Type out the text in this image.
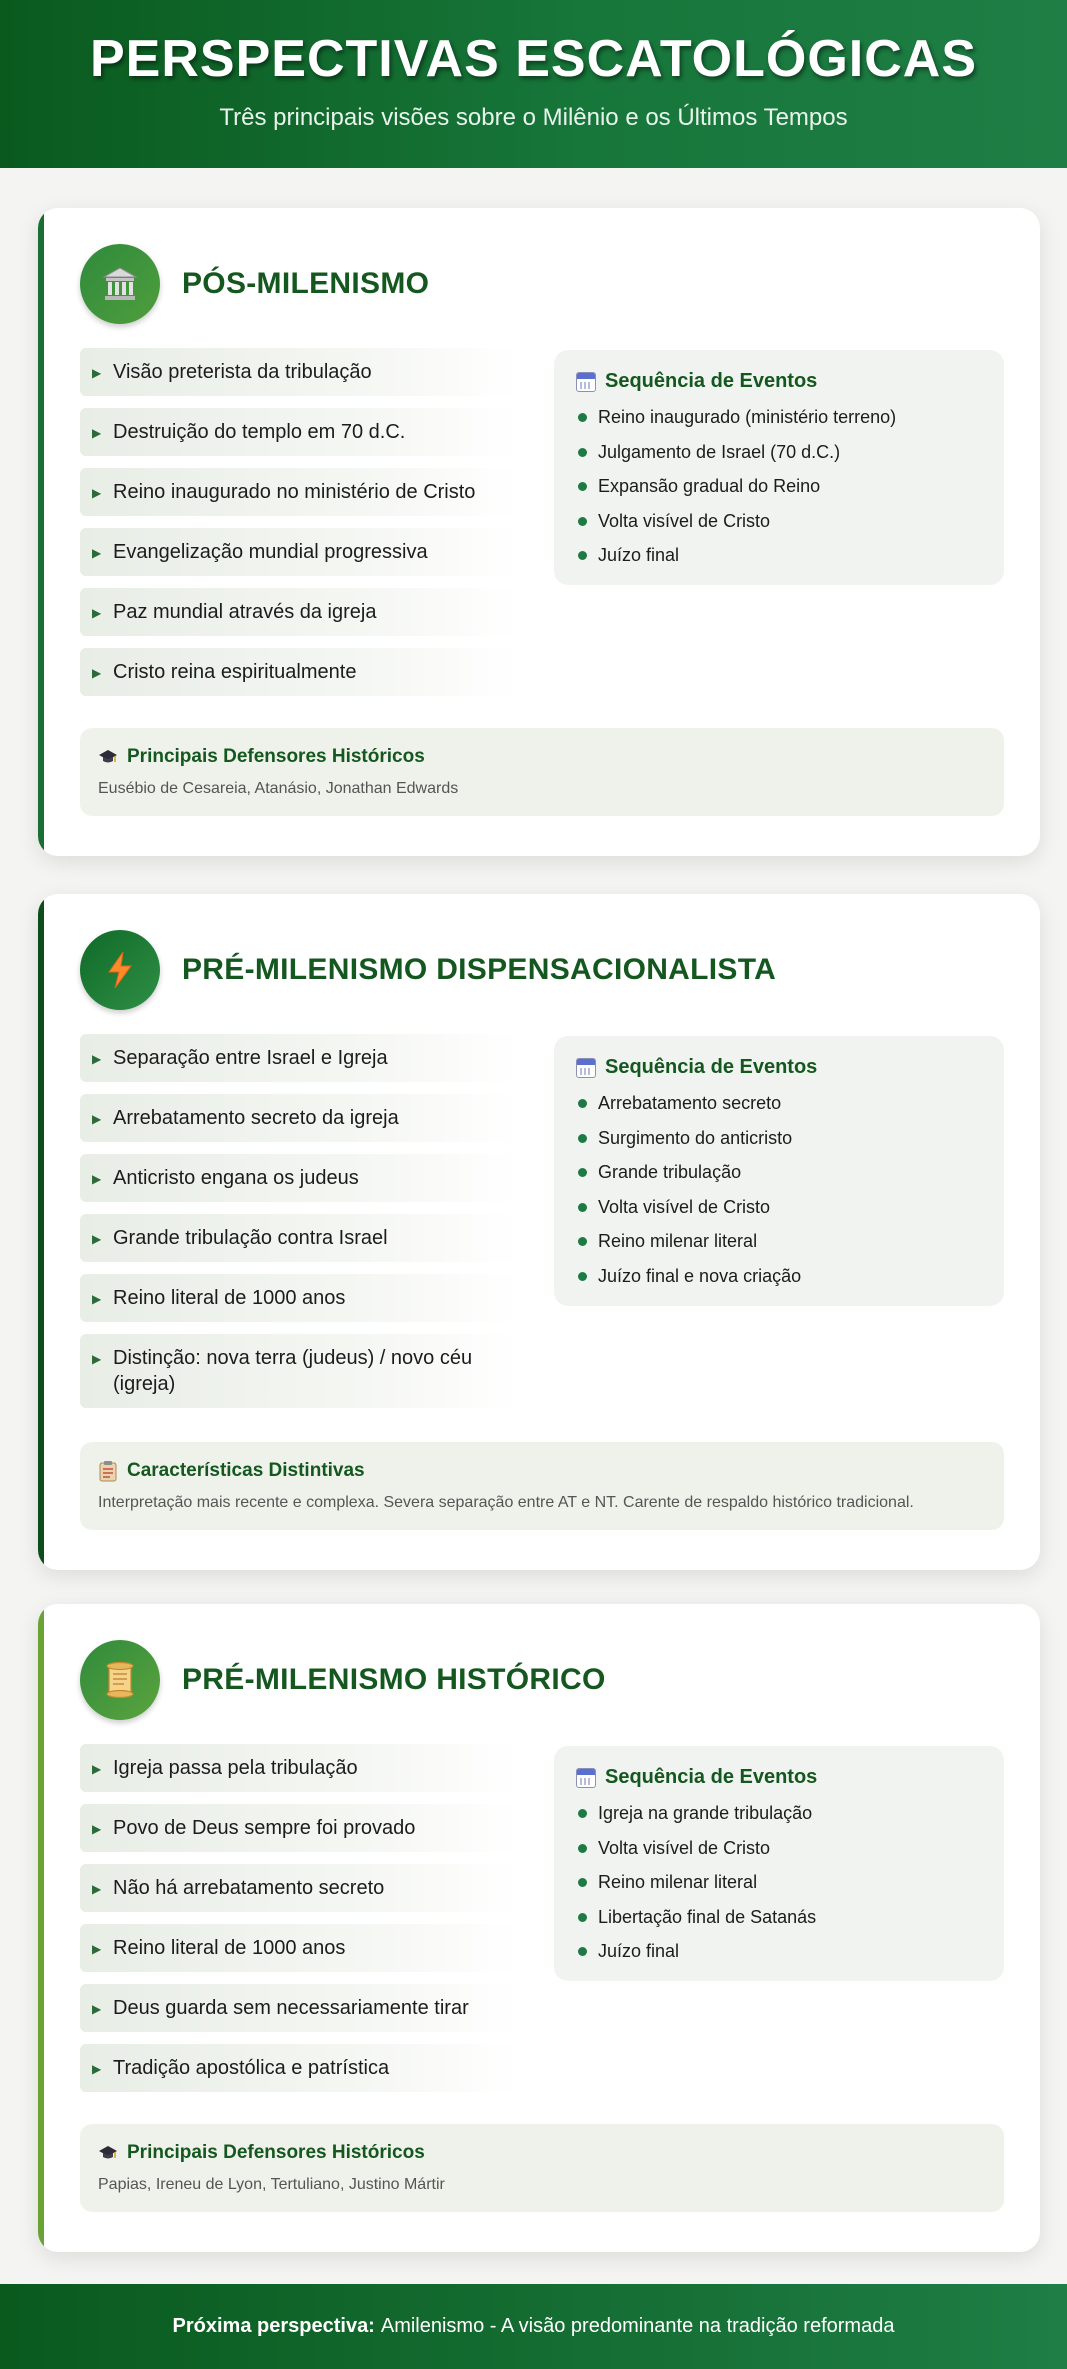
PERSPECTIVAS ESCATOLÓGICAS

Três principais visões sobre o Milênio e os Últimos Tempos

PÓS-MILENISMO
▶ Visão preterista da tribulação
▶ Destruição do templo em 70 d.C.
▶ Reino inaugurado no ministério de Cristo
▶ Evangelização mundial progressiva
▶ Paz mundial através da igreja
▶ Cristo reina espiritualmente
Sequência de Eventos
Reino inaugurado (ministério terreno)
Julgamento de Israel (70 d.C.)
Expansão gradual do Reino
Volta visível de Cristo
Juízo final
Principais Defensores Históricos

Eusébio de Cesareia, Atanásio, Jonathan Edwards

PRÉ-MILENISMO DISPENSACIONALISTA
▶ Separação entre Israel e Igreja
▶ Arrebatamento secreto da igreja
▶ Anticristo engana os judeus
▶ Grande tribulação contra Israel
▶ Reino literal de 1000 anos
▶ Distinção: nova terra (judeus) / novo céu (igreja)
Sequência de Eventos
Arrebatamento secreto
Surgimento do anticristo
Grande tribulação
Volta visível de Cristo
Reino milenar literal
Juízo final e nova criação
Características Distintivas

Interpretação mais recente e complexa. Severa separação entre AT e NT. Carente de respaldo histórico tradicional.

PRÉ-MILENISMO HISTÓRICO
▶ Igreja passa pela tribulação
▶ Povo de Deus sempre foi provado
▶ Não há arrebatamento secreto
▶ Reino literal de 1000 anos
▶ Deus guarda sem necessariamente tirar
▶ Tradição apostólica e patrística
Sequência de Eventos
Igreja na grande tribulação
Volta visível de Cristo
Reino milenar literal
Libertação final de Satanás
Juízo final
Principais Defensores Históricos

Papias, Ireneu de Lyon, Tertuliano, Justino Mártir

Próxima perspectiva: Amilenismo - A visão predominante na tradição reformada
